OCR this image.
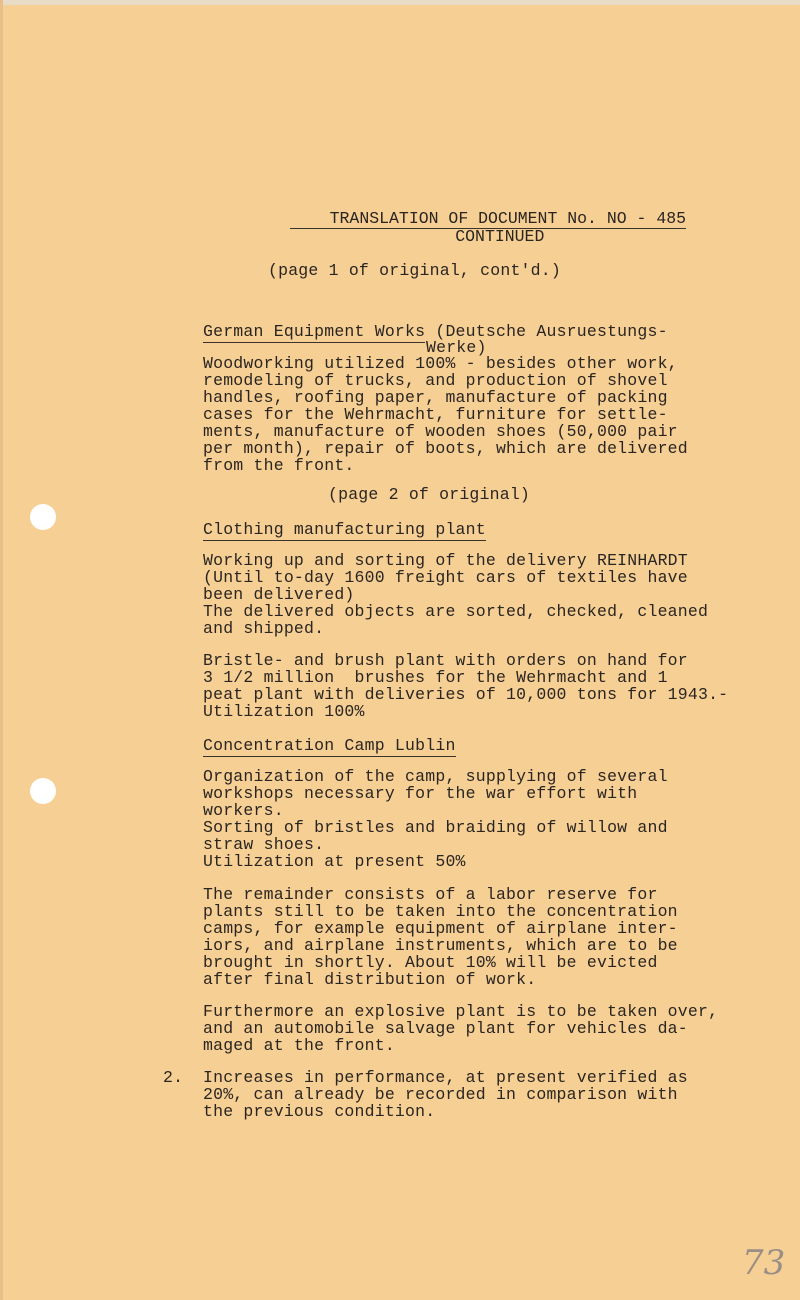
TRANSLATION OF DOCUMENT No. NO - 485

CONTINUED

(page 1 of original, cont'd.)
German Equipment Works (Deutsche Ausruestungs-
Werke)
Woodworking utilized 100% - besides other work,
remodeling of trucks, and production of shovel
handles, roofing paper, manufacture of packing
cases for the Wehrmacht, furniture for settle-
ments, manufacture of wooden shoes (50,000 pair
per month), repair of boots, which are delivered
from the front.
(page 2 of original)
Clothing manufacturing plant
Working up and sorting of the delivery REINHARDT
(Until to-day 1600 freight cars of textiles have
been delivered)
The delivered objects are sorted, checked, cleaned
and shipped.
Bristle- and brush plant with orders on hand for
3 1/2 million  brushes for the Wehrmacht and 1
peat plant with deliveries of 10,000 tons for 1943.-
Utilization 100%
Concentration Camp Lublin
Organization of the camp, supplying of several
workshops necessary for the war effort with
workers.
Sorting of bristles and braiding of willow and
straw shoes.
Utilization at present 50%
The remainder consists of a labor reserve for
plants still to be taken into the concentration
camps, for example equipment of airplane inter-
iors, and airplane instruments, which are to be
brought in shortly. About 10% will be evicted
after final distribution of work.
Furthermore an explosive plant is to be taken over,
and an automobile salvage plant for vehicles da-
maged at the front.
2. Increases in performance, at present verified as
20%, can already be recorded in comparison with
the previous condition.
73
